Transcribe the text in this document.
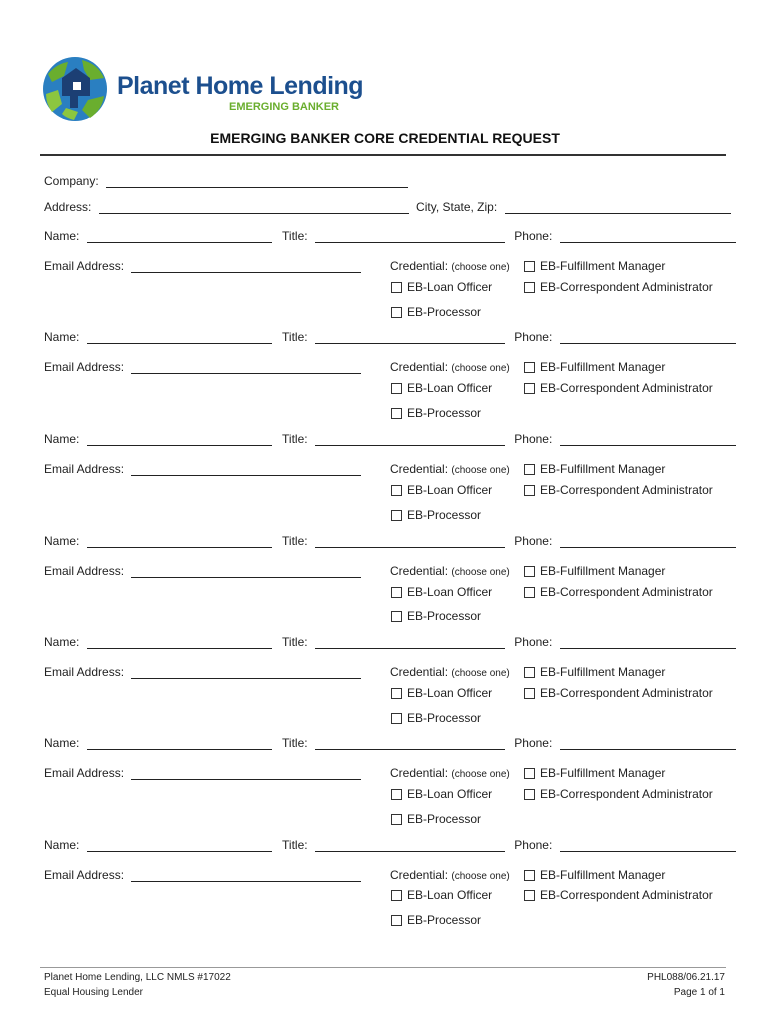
Planet Home Lending
EMERGING BANKER
EMERGING BANKER CORE CREDENTIAL REQUEST
Company:
Address:	City, State, Zip:
Name:	Title:	Phone:
Email Address:	Credential: (choose one)	EB-Fulfillment Manager
EB-Loan Officer	EB-Correspondent Administrator
EB-Processor
Name:	Title:	Phone:
Email Address:	Credential: (choose one)	EB-Fulfillment Manager
EB-Loan Officer	EB-Correspondent Administrator
EB-Processor
Name:	Title:	Phone:
Email Address:	Credential: (choose one)	EB-Fulfillment Manager
EB-Loan Officer	EB-Correspondent Administrator
EB-Processor
Name:	Title:	Phone:
Email Address:	Credential: (choose one)	EB-Fulfillment Manager
EB-Loan Officer	EB-Correspondent Administrator
EB-Processor
Name:	Title:	Phone:
Email Address:	Credential: (choose one)	EB-Fulfillment Manager
EB-Loan Officer	EB-Correspondent Administrator
EB-Processor
Name:	Title:	Phone:
Email Address:	Credential: (choose one)	EB-Fulfillment Manager
EB-Loan Officer	EB-Correspondent Administrator
EB-Processor
Name:	Title:	Phone:
Email Address:	Credential: (choose one)	EB-Fulfillment Manager
EB-Loan Officer	EB-Correspondent Administrator
EB-Processor
Planet Home Lending, LLC NMLS #17022
Equal Housing Lender
PHL088/06.21.17
Page 1 of 1
